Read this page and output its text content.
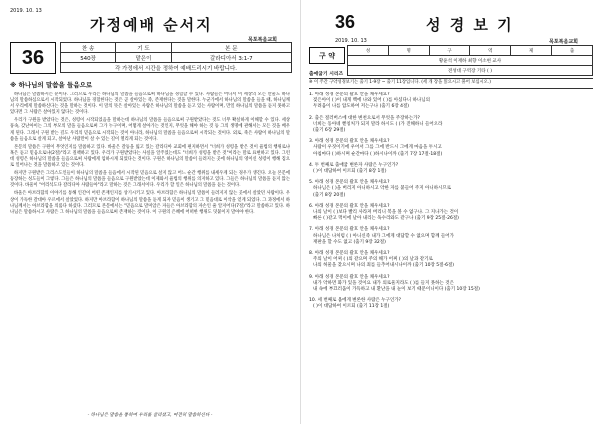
2019. 10. 13
목포복음교회
가정예배 순서지
36	찬 송	기 도	본 문
540장	맡은이	갈라디아서 3:1-7
각 가정에서 시간을 정하여 예배드리시기 바랍니다.		
※ 하나님의 말씀을 들음으로

하나님은 말씀하시는 분이다. 그러므로 우리는 하나님의 말씀을 들음으로써 하나님을 경험할 수 있다. 사람들은 어디서 이 세상의 모든 만물도 하나님의 말씀하심으로서 시작되었다. 하나님을 경험한다는 것은 곧 살아있는 즉, 존재한다는 것을 말한다. 누군가에서 하나님의 말씀을 들을 때, 하나님께서 우리에게 말씀하신다는 것을 말하는 것이다. 이 말의 뜻은 살아있는 사람은 하나님의 말씀을 듣고 있는 사람이며, 만일 하나님의 말씀을 듣지 못하고 있다면 그 사람은 살아있지 않다는 것이다.

우리가 구원을 받았다는 것은, 성령이 시작되었음을 말하는데 하나님의 말씀을 들음으로써 구원받았다는 것도 너무 확실하게 이해할 수 있다. 세상 풍속, 갖난아이는 그의 부모의 말을 들음으로써 그가 누구이며, 어떻게 살아가는 것인지, 무엇을 해야 하는 것 등 그의 생명에 관해서는 모든 것을 배우게 된다. 그래서 구원 받는 길도 우리의 믿음으로 시작되는 것이 아니라, 하나님의 말씀을 들음으로써 시작되는 것이다. 외로, 죽은 사람이 하나님의 말씀을 들음으로 살게 되고, 살아난 사람만이 살 수 있는 길이 열리게 되는 것이다.

본문의 말씀은 구원이 무엇인지를 말씀하고 있다. 바울은 갈등을 잃고 있는 갈라디아 교회에 편지하면서 "너희가 성령을 받은 것이 율법의 행위로냐 혹은 듣고 믿음으로냐(2절)"라고 질책하고 있다. 우리가 구원받았다는 사실을 알주었는데도 "너희가 성령을 받은 것"이라는 말로 표현하고 있다. 그런데 성령은 하나님의 말씀을 들음으로써 사람에게 임하시게 되었다는 것이다. 구원은 하나님의 말씀이 들려지는 곳에 하나님의 영이신 성령이 행해 짐으로 일어나는 것을 말씀하고 있는 것이다.

하지만 구원받은 그리스도인들이 하나님의 말씀을 들음에서 시작된 믿음으로 살지 않고 어느 순간 행위를 내세우게 되는 경우가 생긴다. 오늘 본문에 등장하는 성도들이 그렇다. 그들은 하나님의 말씀을 들음으로 구원받았는데 이제와서 율법의 행위를 의지하고 있다. 그들은 하나님의 말씀을 듣지 않는 것이다. 바울이 "어리석도다 갈라디아 사람들아"라고 말하는 것은 그래서이다. 우리가 할 일은 하나님의 말씀을 듣는 것이다.

바울은 아브라함의 이야기를 통해 인간이 어떤 존재인지를 상기시키고 있다. 아브라함은 하나님의 말씀이 들려지지 않는 곳에서 살았던 사람이다. 우상이 가득한 갈대아 우르에서 살았었다. 하지만 아브라함이 하나님의 말씀을 듣게 되자 믿음이 생기고 그 믿음대로 이삭을 얻게 되었다. 그 과정에서 하나님께서는 아브라함을 의롭다 하셨다. 그러므로 본문에서는 "믿음으로 말미암은 자들은 아브라함의 자손인 줄 알지어다(7절)"라고 말씀하고 있다. 하나님은 말씀하시고 사람은 그 하나님의 말씀을 들음으로써 존재하는 것이다. 이 구원의 은혜에 어떠한 행위도 덧붙이지 말아야 한다.

- 하나님은 말씀을 통하여 우리를 살리셨고, 여전히 말씀하신다 -
36	성 경 보 기
2019. 10. 13	목포복음교회
구 약
성	명	구	역	제	출
황윤석 이재하 최향 이소현 교사
전성대 구역장 기타 ( )
출애굽기 시리즈
※ 이 주간 구약성경보기는 출기 1-9장 ~ 출기 11장입니다. (세 개 장을 읽으시고 풀어 보십시오.)

1. 아래 성경 본문의 괄호 안을 채우세요?

젖은아이 ( )이 내게 백에 나와 있어 ( )를 아셨다니 하나님의

두려움이 나를 압도하여 저는구나 (출기 6장 4절)

2. 출은 절러버스에 대한 변천으로서 무엇을 주장하는가?

너희는 동아네 뻗칭처가 되지 말라 하시도 ( )가 진해하니 들어오라

(출기 6장 29절)

3. 아래 성경 본문의 괄호 안을 채우세요?

사람이 우짓이기에 우어서 그를 그에 반드시 그에게 마음을 두시고

아침마다 ( )하시며 순간마다 ( )하시나이까 (출기 7장 17절-18절)

4. 두 번째로 출애굽 변론자 사람은 누구인가?

( )이 대답하여 이르되 (출기 8장 1절)

5. 아래 성경 본문의 괄호 안을 채우세요?

하나님은 ( )을 버리지 아니하시고 악한 자를 붙들어 주지 아니하시므로

(출기 8장 20절)

6. 아래 성경 본문의 괄호 안을 채우세요?

나의 날이 ( )보다 빨리 사라져 버리니 복을 볼 수 없구나. 그 지나가는 것이

빠른 ( )같고 먹이에 날아 내리는 독수리와도 같구나 (출기 9장 25절-26절)

7. 아래 성경 본문의 괄호 안을 채우세요?

하나님은 나처럼 ( ) 아니신즉 내가 그에게 대답할 수 없으며 함께 들어가

재판을 할 수도 없고 (출기 9장 32절)

8. 아래 성경 본문의 괄호 안을 채우세요?

주의 날이 어찌 ( )의 같으며 주의 해가 어찌 ( )의 날과 같기로

나의 허물을 찾으시며 나의 죄를 들추어내시나이까 (출기 10장 5절-6절)

9. 아래 성경 본문의 괄호 안을 채우세요?

내가 악하면 화가 있을 것이요 내가 의로울지라도 ( )를 들지 못하는 것은

내 속에 부끄러움이 가득하고 내 환난을 내 눈이 보기 때문이니이다 (출기 10장 15절)

10. 세 번째로 욥에게 변론한 사람은 누구인가?

( )이 대답하여 이르되 (출기 11장 1절)
